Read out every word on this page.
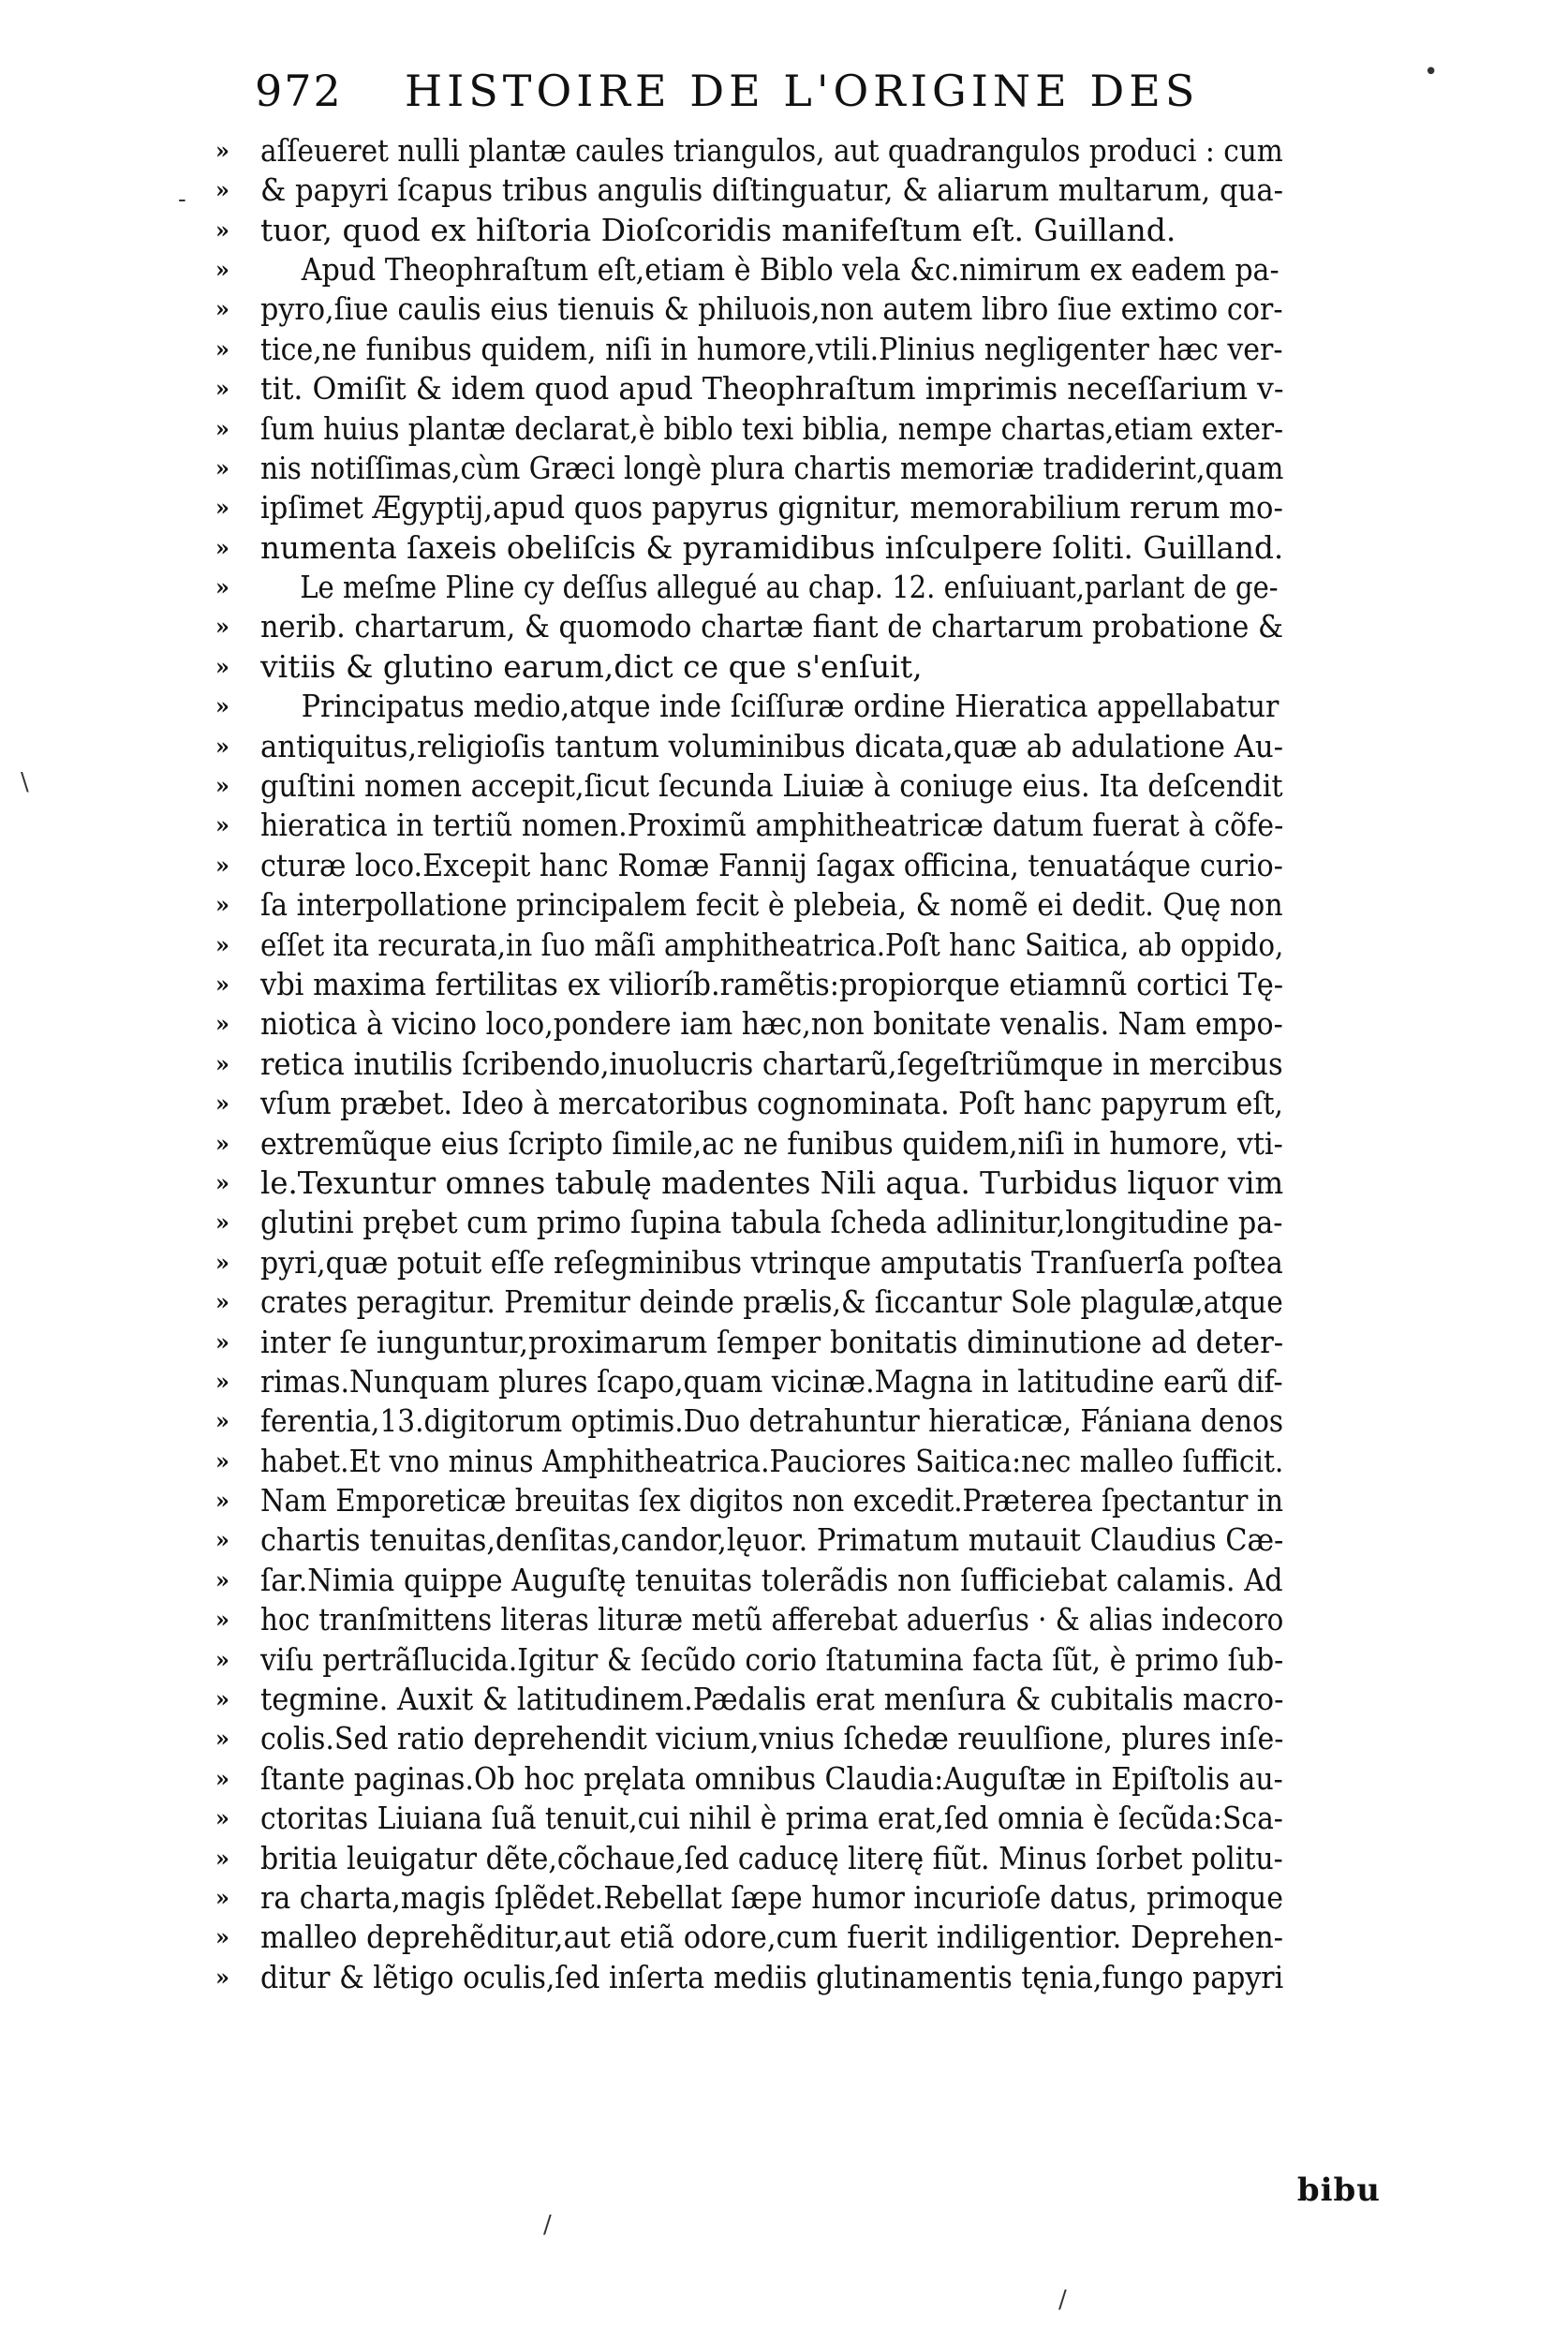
972 HISTOIRE DE L'ORIGINE DES
» aſſeueret nulli plantæ caules triangulos, aut quadrangulos produci : cum
» & papyri ſcapus tribus angulis diſtinguatur, & aliarum multarum, qua-
» tuor, quod ex hiſtoria Dioſcoridis manifeſtum eſt. Guilland.
» Apud Theophraſtum eſt,etiam è Biblo vela &c.nimirum ex eadem pa-
» pyro,ſiue caulis eius tienuis & philuois,non autem libro ſiue extimo cor-
» tice,ne funibus quidem, niſi in humore,vtili.Plinius negligenter hæc ver-
» tit. Omiſit & idem quod apud Theophraſtum imprimis neceſſarium v-
» ſum huius plantæ declarat,è biblo texi biblia, nempe chartas,etiam exter-
» nis notiſſimas,cùm Græci longè plura chartis memoriæ tradiderint,quam
» ipſimet Ægyptij,apud quos papyrus gignitur, memorabilium rerum mo-
» numenta ſaxeis obeliſcis & pyramidibus inſculpere ſoliti. Guilland.
» Le meſme Pline cy deſſus allegué au chap. 12. enſuiuant,parlant de ge-
» nerib. chartarum, & quomodo chartæ fiant de chartarum probatione &
» vitiis & glutino earum,dict ce que s'enſuit,
» Principatus medio,atque inde ſciſſuræ ordine Hieratica appellabatur
» antiquitus,religioſis tantum voluminibus dicata,quæ ab adulatione Au-
» guſtini nomen accepit,ſicut ſecunda Liuiæ à coniuge eius. Ita deſcendit
» hieratica in tertiũ nomen.Proximũ amphitheatricæ datum fuerat à cõfe-
» cturæ loco.Excepit hanc Romæ Fannij ſagax officina, tenuatáque curio-
» ſa interpollatione principalem fecit è plebeia, & nomẽ ei dedit. Quę non
» eſſet ita recurata,in ſuo mãſi amphitheatrica.Poſt hanc Saitica, ab oppido,
» vbi maxima fertilitas ex vilioríb.ramẽtis:propiorque etiamnũ cortici Tę-
» niotica à vicino loco,pondere iam hæc,non bonitate venalis. Nam empo-
» retica inutilis ſcribendo,inuolucris chartarũ,ſegeſtriũmque in mercibus
» vſum præbet. Ideo à mercatoribus cognominata. Poſt hanc papyrum eſt,
» extremũque eius ſcripto ſimile,ac ne funibus quidem,niſi in humore, vti-
» le.Texuntur omnes tabulę madentes Nili aqua. Turbidus liquor vim
» glutini prębet cum primo ſupina tabula ſcheda adlinitur,longitudine pa-
» pyri,quæ potuit eſſe reſegminibus vtrinque amputatis Tranſuerſa poſtea
» crates peragitur. Premitur deinde prælis,& ſiccantur Sole plagulæ,atque
» inter ſe iunguntur,proximarum ſemper bonitatis diminutione ad deter-
» rimas.Nunquam plures ſcapo,quam vicinæ.Magna in latitudine earũ dif-
» ferentia,13.digitorum optimis.Duo detrahuntur hieraticæ, Fániana denos
» habet.Et vno minus Amphitheatrica.Pauciores Saitica:nec malleo ſufficit.
» Nam Emporeticæ breuitas ſex digitos non excedit.Præterea ſpectantur in
» chartis tenuitas,denſitas,candor,lęuor. Primatum mutauit Claudius Cæ-
» ſar.Nimia quippe Auguſtę tenuitas tolerãdis non ſufficiebat calamis. Ad
» hoc tranſmittens literas lituræ metũ afferebat aduerſus · & alias indecoro
» viſu pertrãſlucida.Igitur & ſecũdo corio ſtatumina facta ſũt, è primo ſub-
» tegmine. Auxit & latitudinem.Pædalis erat menſura & cubitalis macro-
» colis.Sed ratio deprehendit vicium,vnius ſchedæ reuulſione, plures inſe-
» ſtante paginas.Ob hoc pręlata omnibus Claudia:Auguſtæ in Epiſtolis au-
» ctoritas Liuiana ſuã tenuit,cui nihil è prima erat,ſed omnia è ſecũda:Sca-
» britia leuigatur dẽte,cõchaue,ſed caducę literę fiũt. Minus ſorbet politu-
» ra charta,magis ſplẽdet.Rebellat ſæpe humor incurioſe datus, primoque
» malleo deprehẽditur,aut etiã odore,cum fuerit indiligentior. Deprehen-
» ditur & lẽtigo oculis,ſed inſerta mediis glutinamentis tęnia,fungo papyri
bibu
-
\
•
/
/
